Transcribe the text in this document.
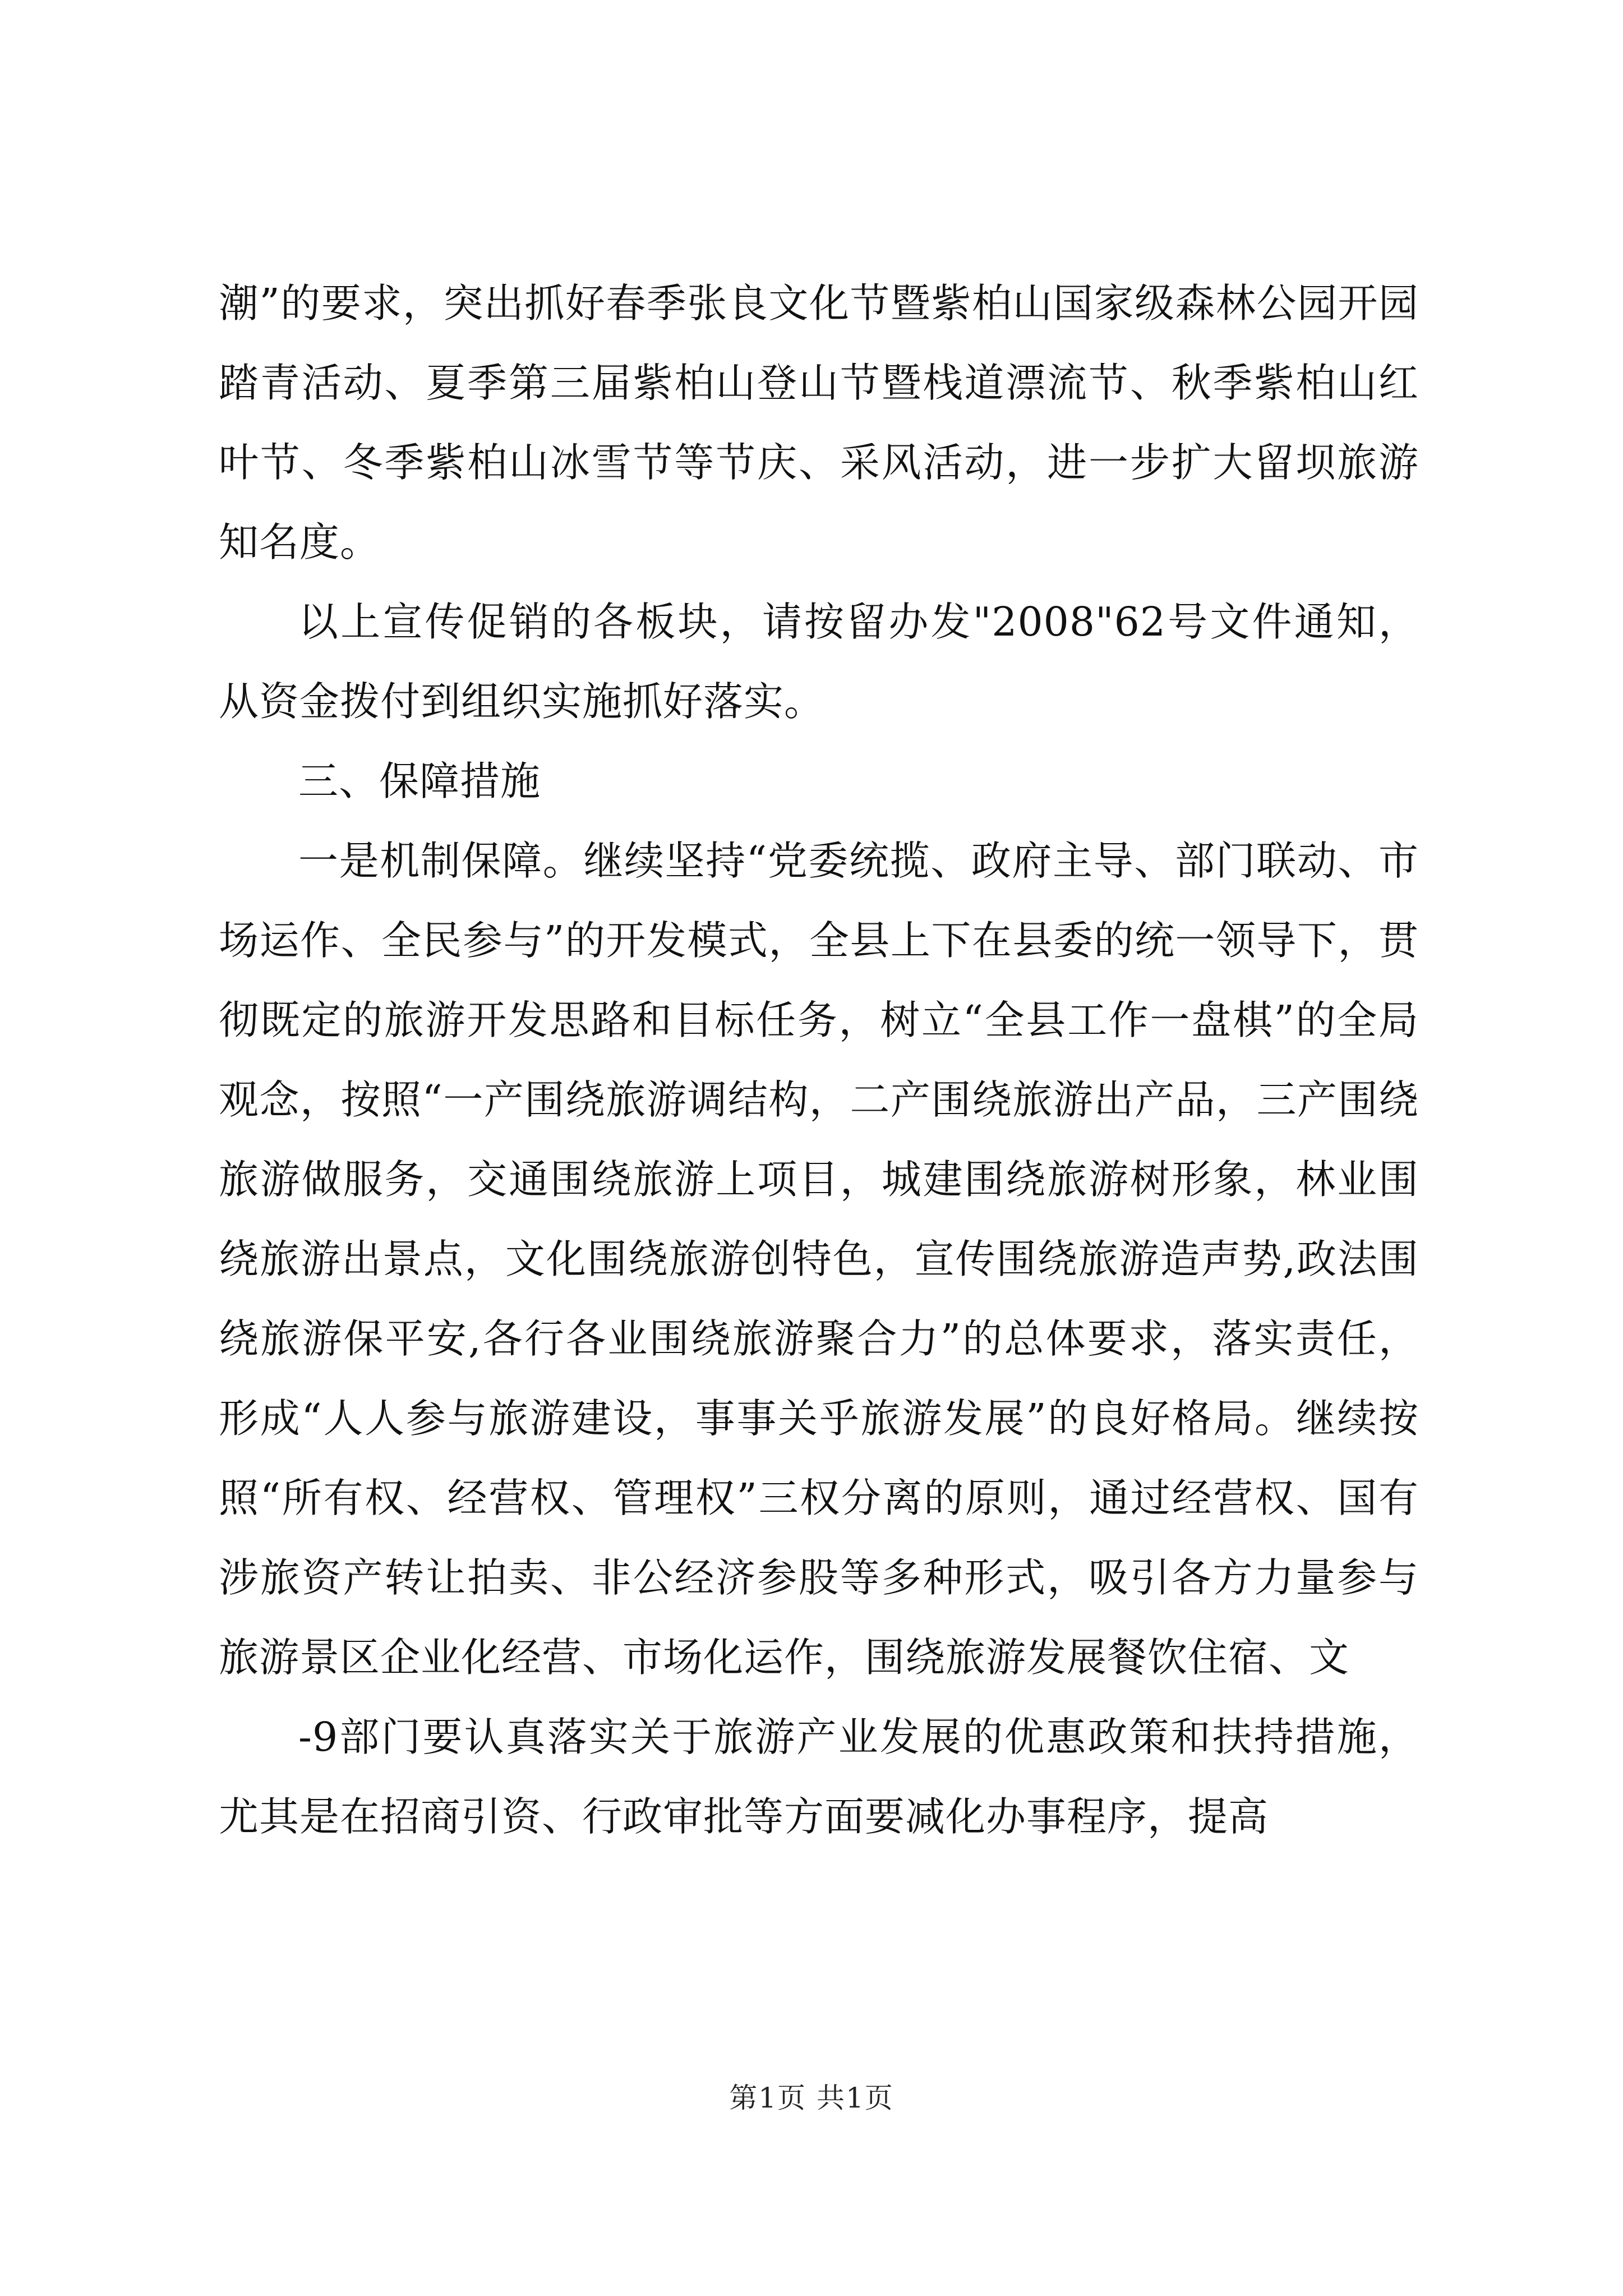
潮”的要求，突出抓好春季张良文化节暨紫柏山国家级森林公园开园踏青活动、夏季第三届紫柏山登山节暨栈道漂流节、秋季紫柏山红叶节、冬季紫柏山冰雪节等节庆、采风活动，进一步扩大留坝旅游知名度。

以上宣传促销的各板块，请按留办发"2008"62号文件通知，从资金拨付到组织实施抓好落实。

三、保障措施

一是机制保障。继续坚持“党委统揽、政府主导、部门联动、市场运作、全民参与”的开发模式，全县上下在县委的统一领导下，贯彻既定的旅游开发思路和目标任务，树立“全县工作一盘棋”的全局观念，按照“一产围绕旅游调结构，二产围绕旅游出产品，三产围绕旅游做服务，交通围绕旅游上项目，城建围绕旅游树形象，林业围绕旅游出景点，文化围绕旅游创特色，宣传围绕旅游造声势,政法围绕旅游保平安,各行各业围绕旅游聚合力”的总体要求，落实责任，形成“人人参与旅游建设，事事关乎旅游发展”的良好格局。继续按照“所有权、经营权、管理权”三权分离的原则，通过经营权、国有涉旅资产转让拍卖、非公经济参股等多种形式，吸引各方力量参与旅游景区企业化经营、市场化运作，围绕旅游发展餐饮住宿、文

-9部门要认真落实关于旅游产业发展的优惠政策和扶持措施，尤其是在招商引资、行政审批等方面要减化办事程序，提高

第1页 共1页
